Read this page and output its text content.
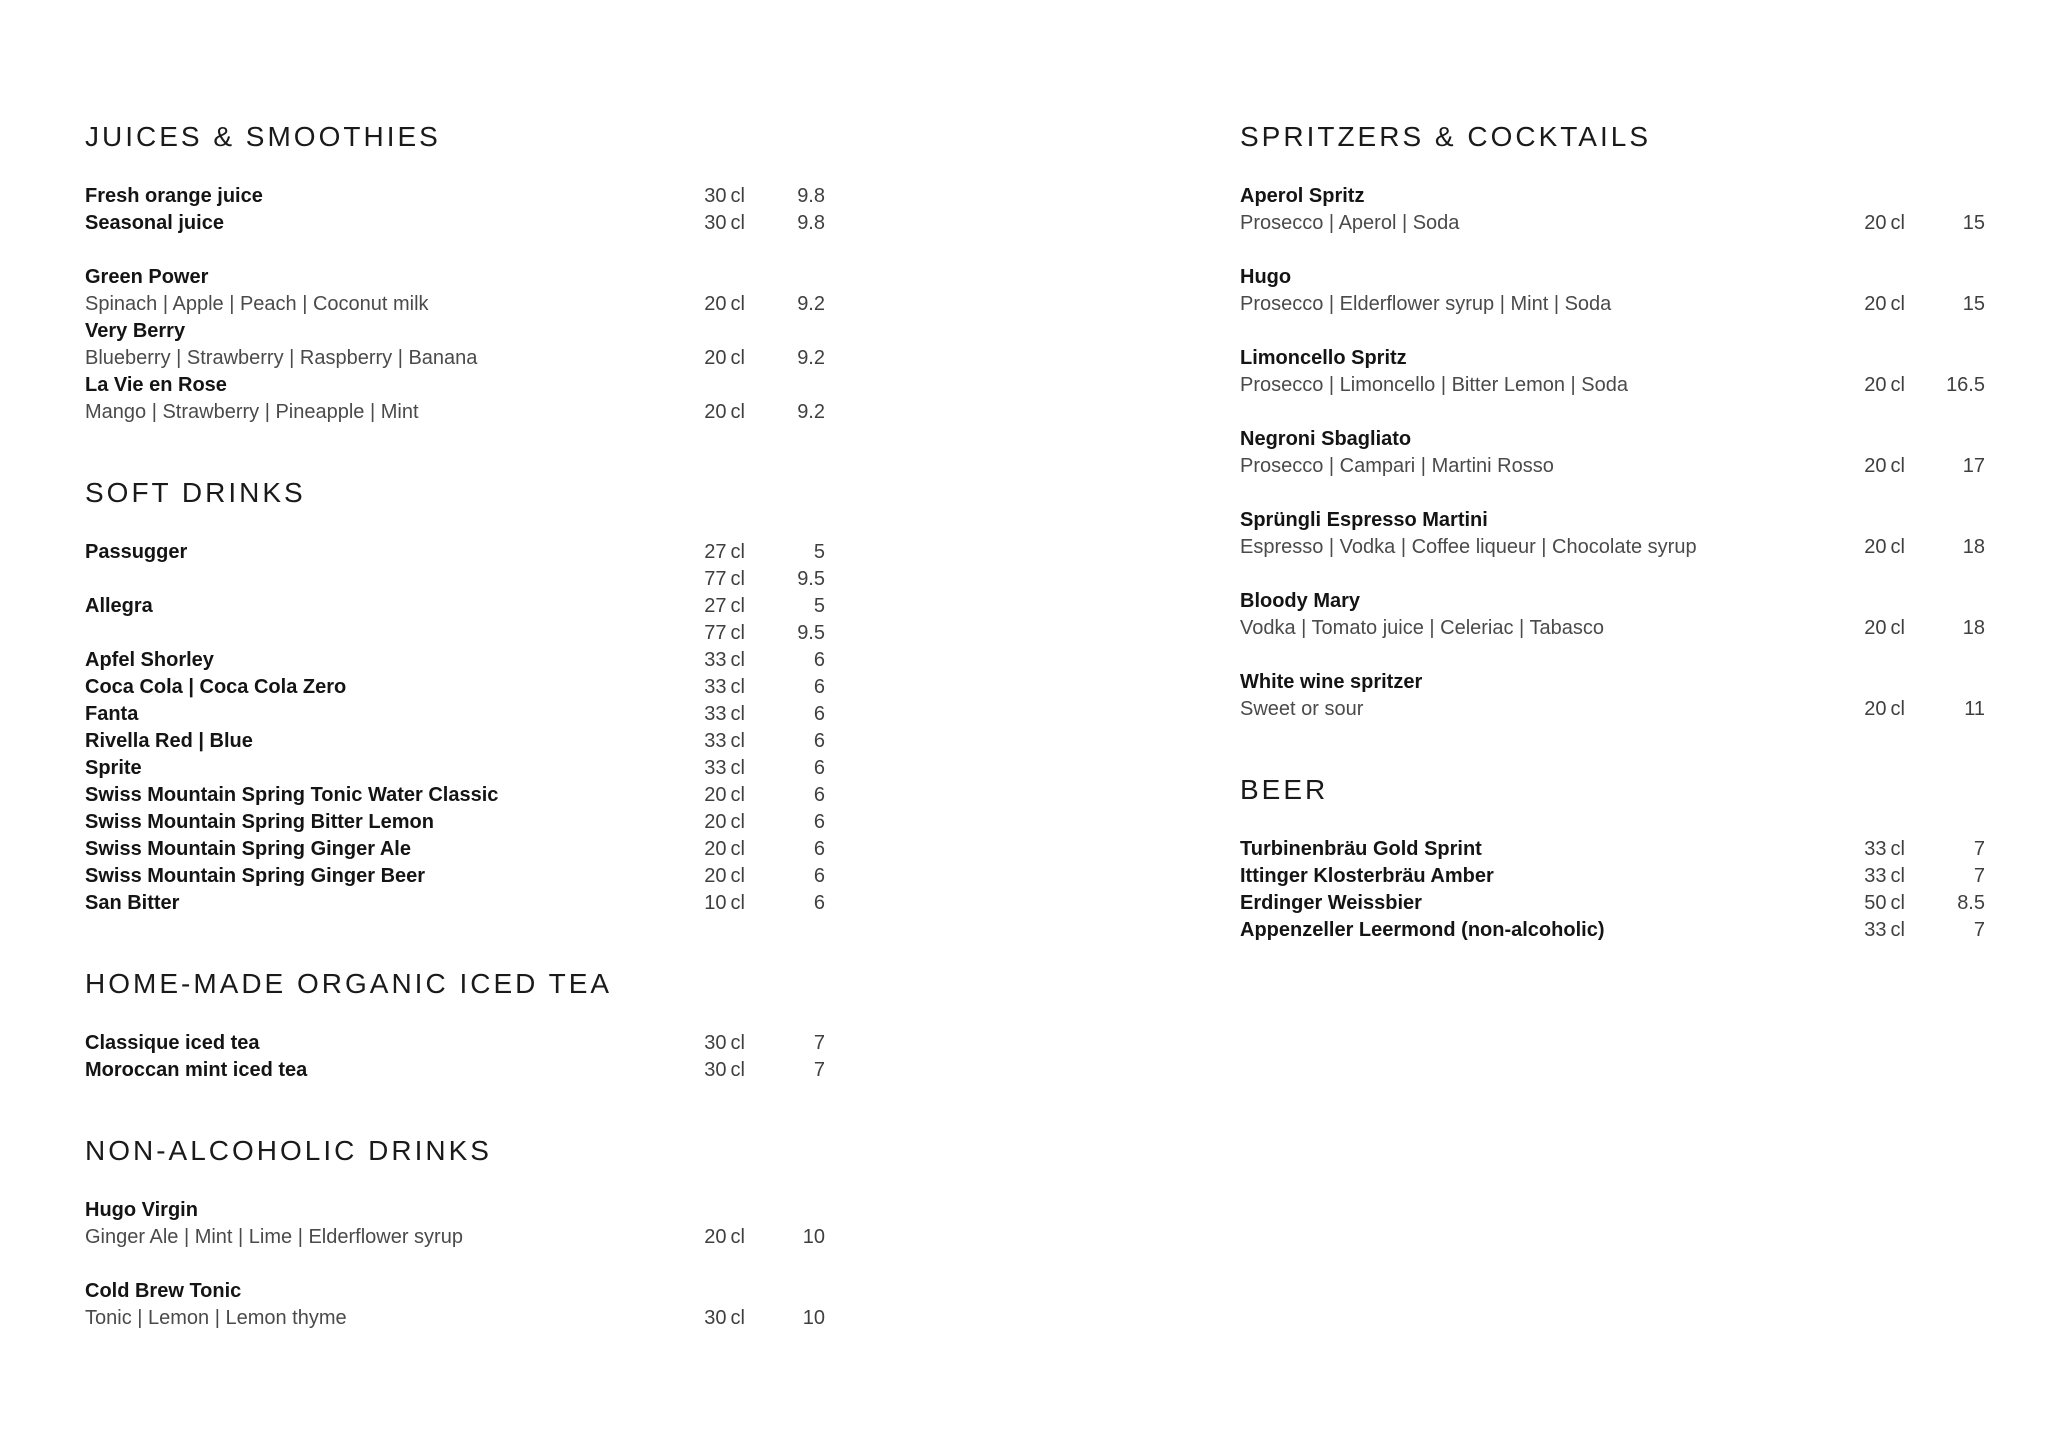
JUICES & SMOOTHIES
Fresh orange juice	30 cl	9.8
Seasonal juice	30 cl	9.8
Green Power
Spinach | Apple | Peach | Coconut milk	20 cl	9.2
Very Berry
Blueberry | Strawberry | Raspberry | Banana	20 cl	9.2
La Vie en Rose
Mango | Strawberry | Pineapple | Mint	20 cl	9.2
SOFT DRINKS
Passugger	27 cl	5
77 cl	9.5
Allegra	27 cl	5
77 cl	9.5
Apfel Shorley	33 cl	6
Coca Cola | Coca Cola Zero	33 cl	6
Fanta	33 cl	6
Rivella Red | Blue	33 cl	6
Sprite	33 cl	6
Swiss Mountain Spring Tonic Water Classic	20 cl	6
Swiss Mountain Spring Bitter Lemon	20 cl	6
Swiss Mountain Spring Ginger Ale	20 cl	6
Swiss Mountain Spring Ginger Beer	20 cl	6
San Bitter	10 cl	6
HOME-MADE ORGANIC ICED TEA
Classique iced tea	30 cl	7
Moroccan mint iced tea	30 cl	7
NON-ALCOHOLIC DRINKS
Hugo Virgin
Ginger Ale | Mint | Lime | Elderflower syrup	20 cl	10
Cold Brew Tonic
Tonic | Lemon | Lemon thyme	30 cl	10
SPRITZERS & COCKTAILS
Aperol Spritz
Prosecco | Aperol | Soda	20 cl	15
Hugo
Prosecco | Elderflower syrup | Mint | Soda	20 cl	15
Limoncello Spritz
Prosecco | Limoncello | Bitter Lemon | Soda	20 cl	16.5
Negroni Sbagliato
Prosecco | Campari | Martini Rosso	20 cl	17
Sprüngli Espresso Martini
Espresso | Vodka | Coffee liqueur | Chocolate syrup	20 cl	18
Bloody Mary
Vodka | Tomato juice | Celeriac | Tabasco	20 cl	18
White wine spritzer
Sweet or sour	20 cl	11
BEER
Turbinenbräu Gold Sprint	33 cl	7
Ittinger Klosterbräu Amber	33 cl	7
Erdinger Weissbier	50 cl	8.5
Appenzeller Leermond (non-alcoholic)	33 cl	7
